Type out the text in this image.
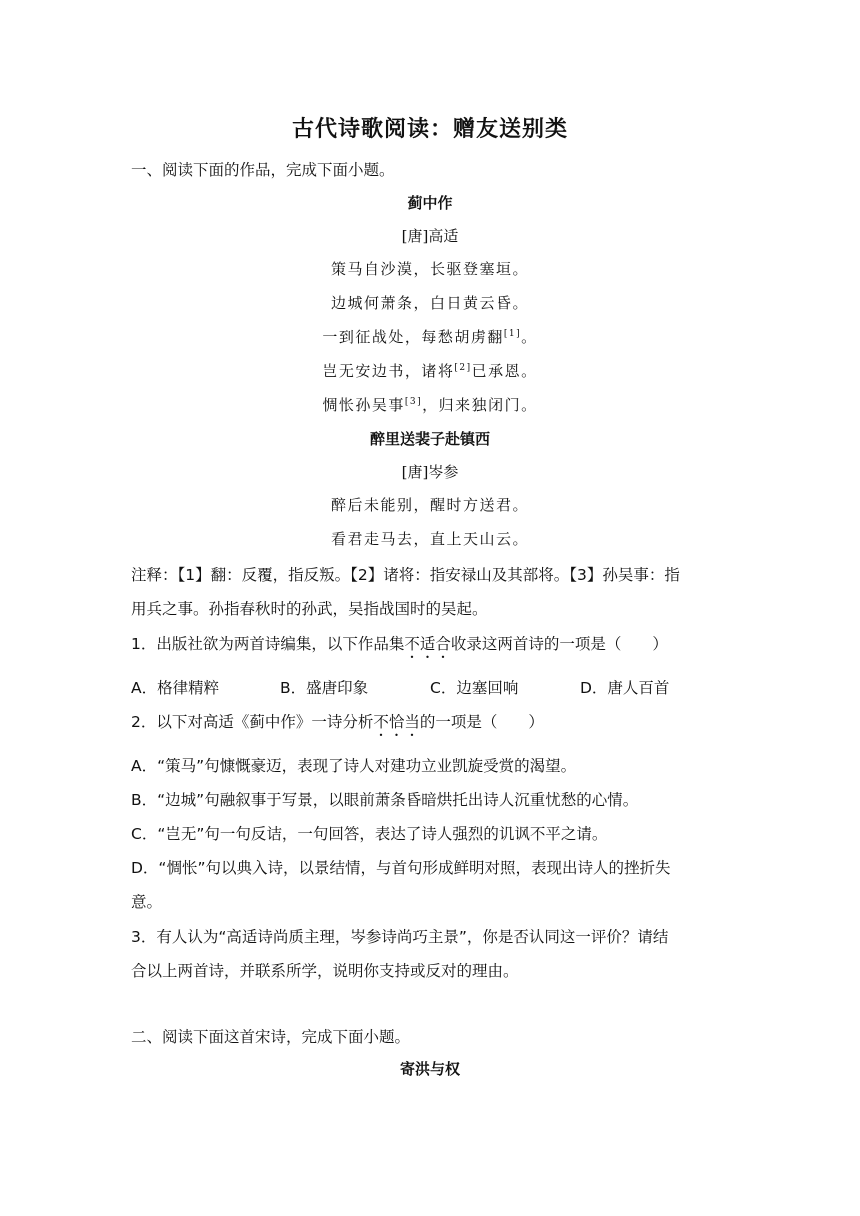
古代诗歌阅读：赠友送别类
一、阅读下面的作品，完成下面小题。
蓟中作
[唐]高适
策马自沙漠，长驱登塞垣。
边城何萧条，白日黄云昏。
一到征战处，每愁胡虏翻[1]。
岂无安边书，诸将[2]已承恩。
惆怅孙吴事[3]，归来独闭门。
醉里送裴子赴镇西
[唐]岑参
醉后未能别，醒时方送君。
看君走马去，直上天山云。
注释：【1】翻：反覆，指反叛。【2】诸将：指安禄山及其部将。【3】孙吴事：指
用兵之事。孙指春秋时的孙武，吴指战国时的吴起。
1．出版社欲为两首诗编集，以下作品集不适合收录这两首诗的一项是（　　）
A．格律精粹	B．盛唐印象	C．边塞回响	D．唐人百首
2．以下对高适《蓟中作》一诗分析不恰当的一项是（　　）
A．“策马”句慷慨豪迈，表现了诗人对建功立业凯旋受赏的渴望。
B．“边城”句融叙事于写景，以眼前萧条昏暗烘托出诗人沉重忧愁的心情。
C．“岂无”句一句反诘，一句回答，表达了诗人强烈的讥讽不平之请。
D．“惆怅”句以典入诗，以景结情，与首句形成鲜明对照，表现出诗人的挫折失
意。
3．有人认为“高适诗尚质主理，岑参诗尚巧主景”，你是否认同这一评价？请结
合以上两首诗，并联系所学，说明你支持或反对的理由。
二、阅读下面这首宋诗，完成下面小题。
寄洪与权
